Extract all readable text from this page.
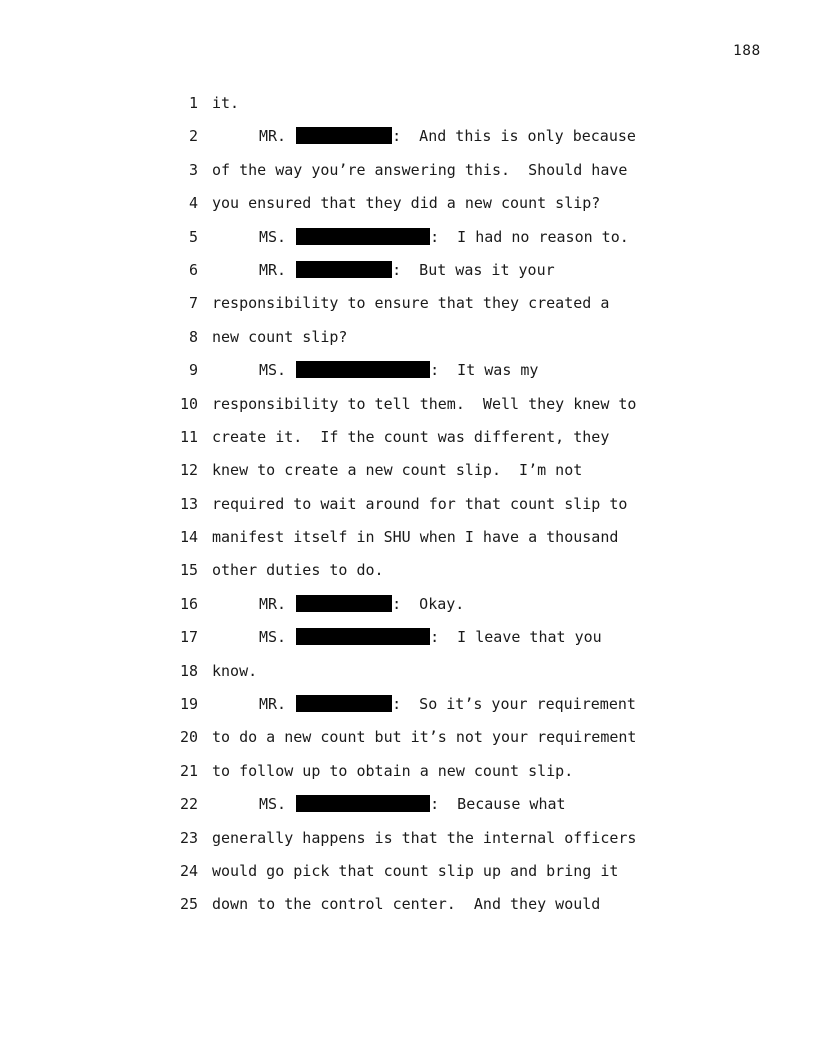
188
1 it.
2	MR.	:  And this is only because
3 of the way you’re answering this.  Should have
4 you ensured that they did a new count slip?
5	MS.	:  I had no reason to.
6	MR.	:  But was it your
7 responsibility to ensure that they created a
8 new count slip?
9	MS.	:  It was my
10 responsibility to tell them.  Well they knew to
11 create it.  If the count was different, they
12 knew to create a new count slip.  I’m not
13 required to wait around for that count slip to
14 manifest itself in SHU when I have a thousand
15 other duties to do.
16	MR.	:  Okay.
17	MS.	:  I leave that you
18 know.
19	MR.	:  So it’s your requirement
20 to do a new count but it’s not your requirement
21 to follow up to obtain a new count slip.
22	MS.	:  Because what
23 generally happens is that the internal officers
24 would go pick that count slip up and bring it
25 down to the control center.  And they would
